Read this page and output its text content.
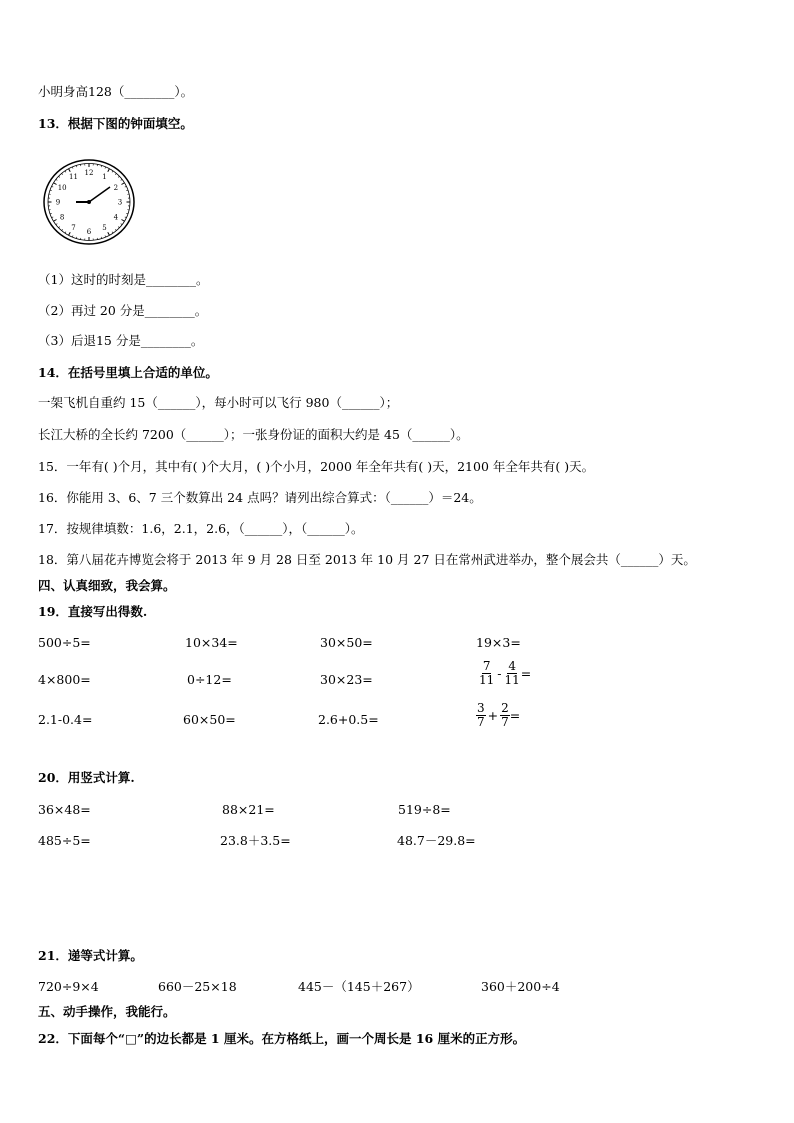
小明身高128（________）。
13．根据下图的钟面填空。
12 1
2
3
4
5
6
7
8
9
10
11
（1）这时的时刻是________。
（2）再过 20 分是________。
（3）后退15 分是________。
14．在括号里填上合适的单位。
一架飞机自重约 15（______），每小时可以飞行 980（______）；
长江大桥的全长约 7200（______）；一张身份证的面积大约是 45（______）。
15．一年有( )个月，其中有( )个大月，( )个小月，2000 年全年共有( )天，2100 年全年共有( )天。
16．你能用 3、6、7 三个数算出 24 点吗？请列出综合算式：（______）＝24。
17．按规律填数：1.6，2.1，2.6，（______），（______）。
18．第八届花卉博览会将于 2013 年 9 月 28 日至 2013 年 10 月 27 日在常州武进举办，整个展会共（______）天。
四、认真细致，我会算。
19．直接写出得数.
500÷5=	10×34=	30×50=	19×3=
4×800=	0÷12=	30×23=	$\frac{7}{11} - \frac{4}{11}$ =
2.1-0.4=	60×50=	2.6+0.5=	$\frac{3}{7} + \frac{2}{7}$ =
20．用竖式计算.
36×48=	88×21=	519÷8=
485÷5=	23.8＋3.5=	48.7－29.8=
21．递等式计算。
720÷9×4	660－25×18	445－（145＋267）	360＋200÷4
五、动手操作，我能行。
22．下面每个“□”的边长都是 1 厘米。在方格纸上，画一个周长是 16 厘米的正方形。
